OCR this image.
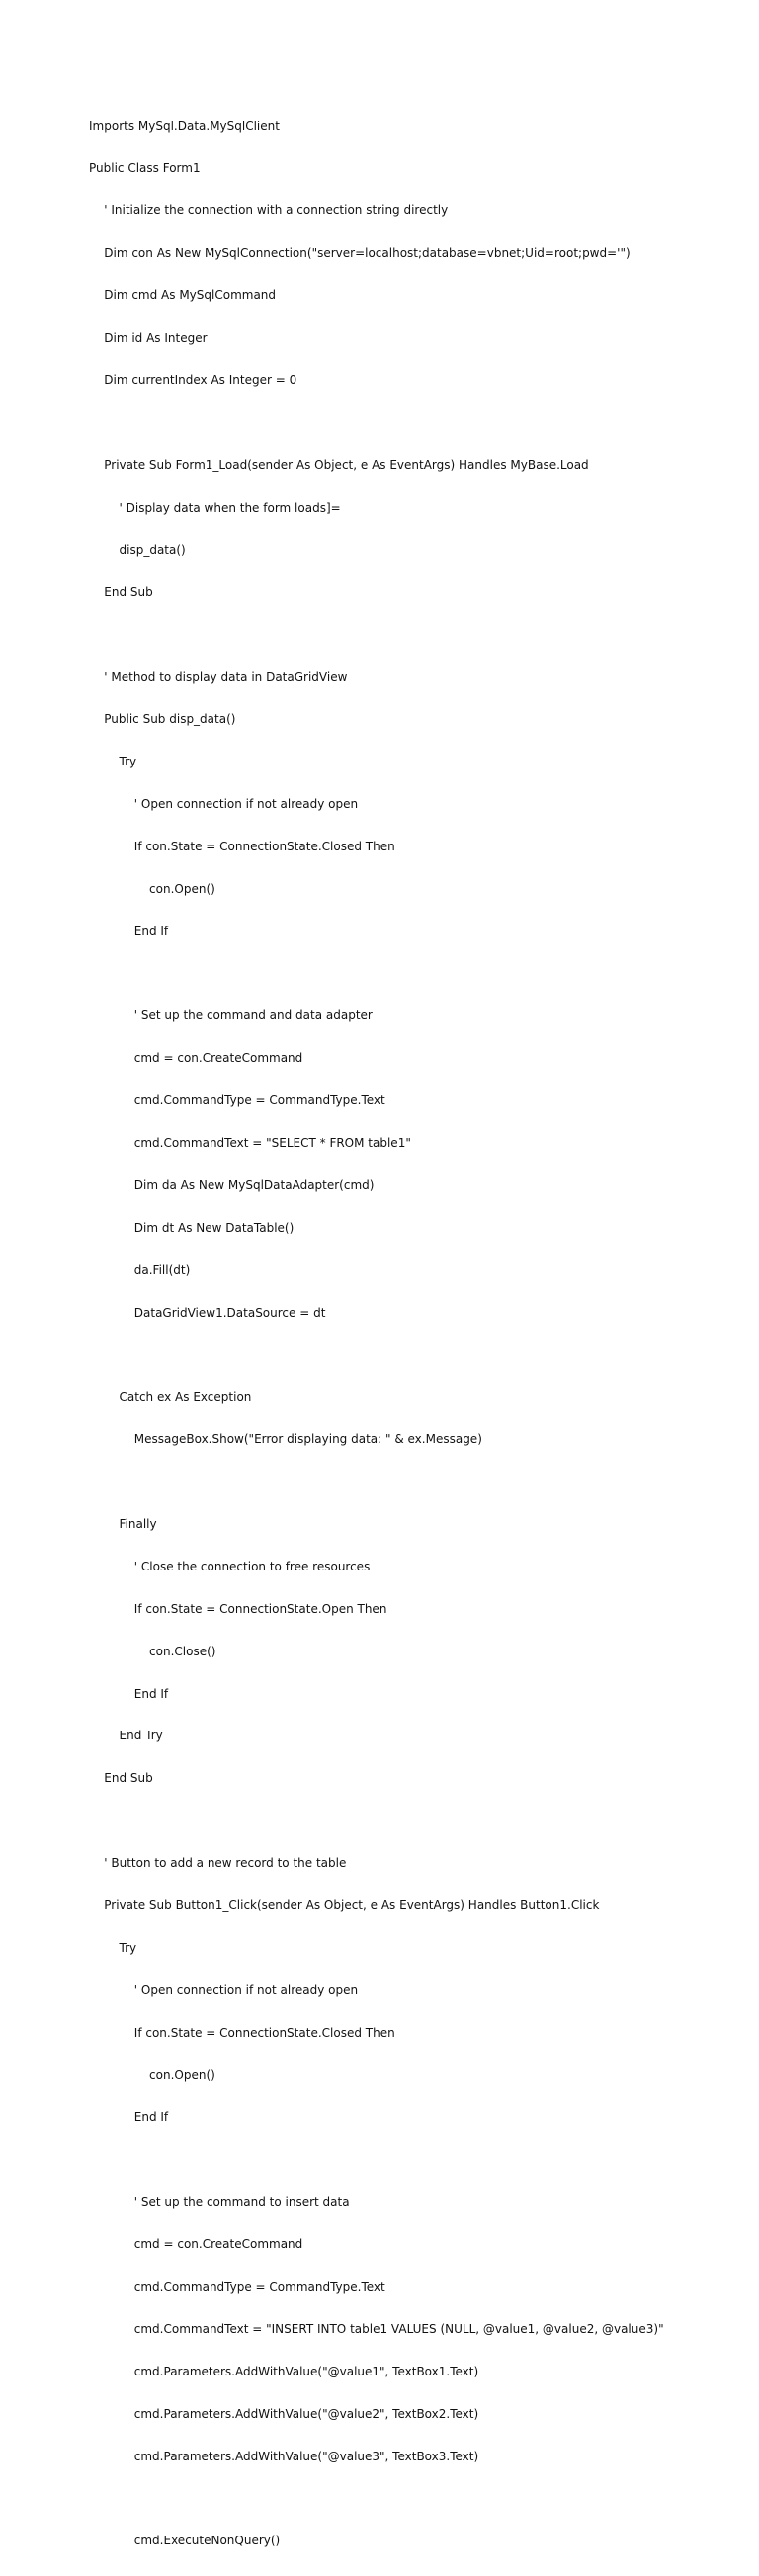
Imports MySql.Data.MySqlClient

Public Class Form1

' Initialize the connection with a connection string directly

Dim con As New MySqlConnection("server=localhost;database=vbnet;Uid=root;pwd='")

Dim cmd As MySqlCommand

Dim id As Integer

Dim currentIndex As Integer = 0

Private Sub Form1_Load(sender As Object, e As EventArgs) Handles MyBase.Load

' Display data when the form loads]=

disp_data()

End Sub

' Method to display data in DataGridView

Public Sub disp_data()

Try

' Open connection if not already open

If con.State = ConnectionState.Closed Then

con.Open()

End If

' Set up the command and data adapter

cmd = con.CreateCommand

cmd.CommandType = CommandType.Text

cmd.CommandText = "SELECT * FROM table1"

Dim da As New MySqlDataAdapter(cmd)

Dim dt As New DataTable()

da.Fill(dt)

DataGridView1.DataSource = dt

Catch ex As Exception

MessageBox.Show("Error displaying data: " & ex.Message)

Finally

' Close the connection to free resources

If con.State = ConnectionState.Open Then

con.Close()

End If

End Try

End Sub

' Button to add a new record to the table

Private Sub Button1_Click(sender As Object, e As EventArgs) Handles Button1.Click

Try

' Open connection if not already open

If con.State = ConnectionState.Closed Then

con.Open()

End If

' Set up the command to insert data

cmd = con.CreateCommand

cmd.CommandType = CommandType.Text

cmd.CommandText = "INSERT INTO table1 VALUES (NULL, @value1, @value2, @value3)"

cmd.Parameters.AddWithValue("@value1", TextBox1.Text)

cmd.Parameters.AddWithValue("@value2", TextBox2.Text)

cmd.Parameters.AddWithValue("@value3", TextBox3.Text)

cmd.ExecuteNonQuery()
